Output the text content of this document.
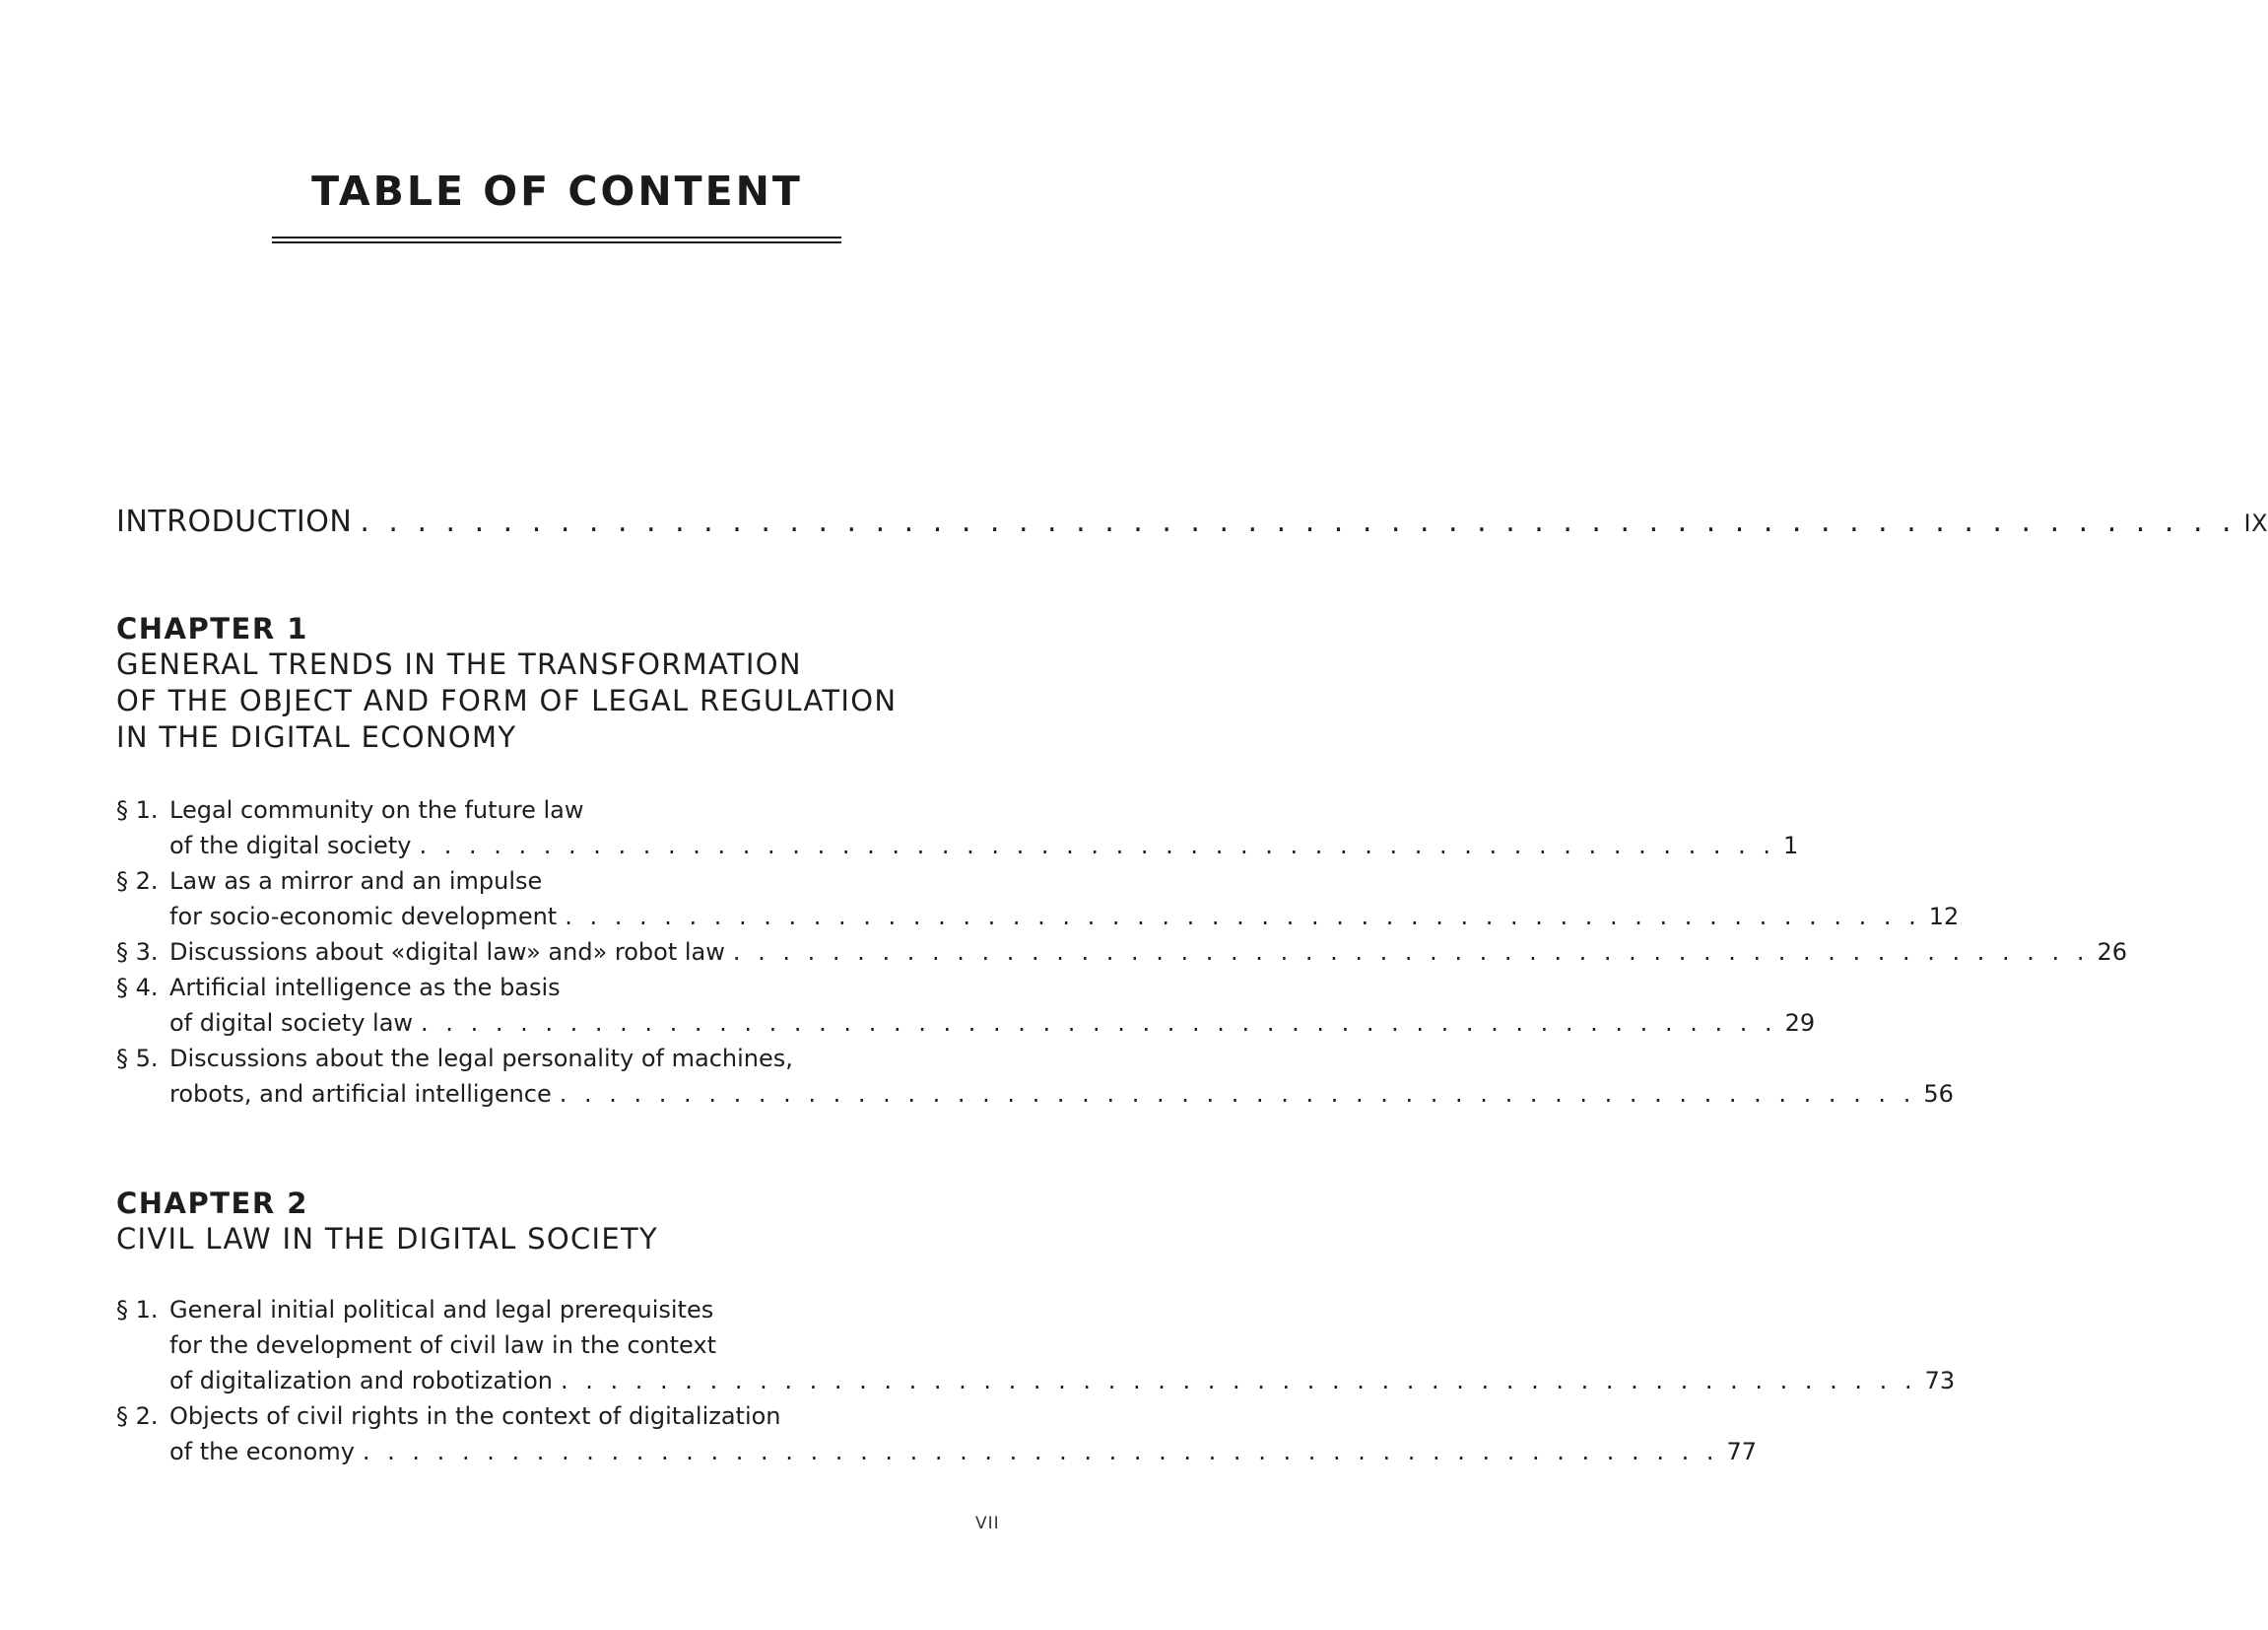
TABLE OF CONTENT
INTRODUCTION . . . . . . . . . . . . . . . . . . . . . . . . . . . . . . . . . . . . . . . . . . . . . . . . . . . . . . . . . . . . . . . . . . IX
CHAPTER 1
GENERAL TRENDS IN THE TRANSFORMATION
OF THE OBJECT AND FORM OF LEGAL REGULATION
IN THE DIGITAL ECONOMY
§ 1. Legal community on the future law
of the digital society . . . . . . . . . . . . . . . . . . . . . . . . . . . . . . . . . . . . . . . . . . . . . . . . . . . . . . . 1
§ 2. Law as a mirror and an impulse
for socio-economic development . . . . . . . . . . . . . . . . . . . . . . . . . . . . . . . . . . . . . . . . . . . . . . . . . . . . . . . 12
§ 3. Discussions about «digital law» and» robot law . . . . . . . . . . . . . . . . . . . . . . . . . . . . . . . . . . . . . . . . . . . . . . . . . . . . . . . 26
§ 4. Artificial intelligence as the basis
of digital society law . . . . . . . . . . . . . . . . . . . . . . . . . . . . . . . . . . . . . . . . . . . . . . . . . . . . . . . 29
§ 5. Discussions about the legal personality of machines,
robots, and artificial intelligence . . . . . . . . . . . . . . . . . . . . . . . . . . . . . . . . . . . . . . . . . . . . . . . . . . . . . . . 56
CHAPTER 2
CIVIL LAW IN THE DIGITAL SOCIETY
§ 1. General initial political and legal prerequisites
for the development of civil law in the context
of digitalization and robotization . . . . . . . . . . . . . . . . . . . . . . . . . . . . . . . . . . . . . . . . . . . . . . . . . . . . . . . 73
§ 2. Objects of civil rights in the context of digitalization
of the economy . . . . . . . . . . . . . . . . . . . . . . . . . . . . . . . . . . . . . . . . . . . . . . . . . . . . . . . 77
VII
